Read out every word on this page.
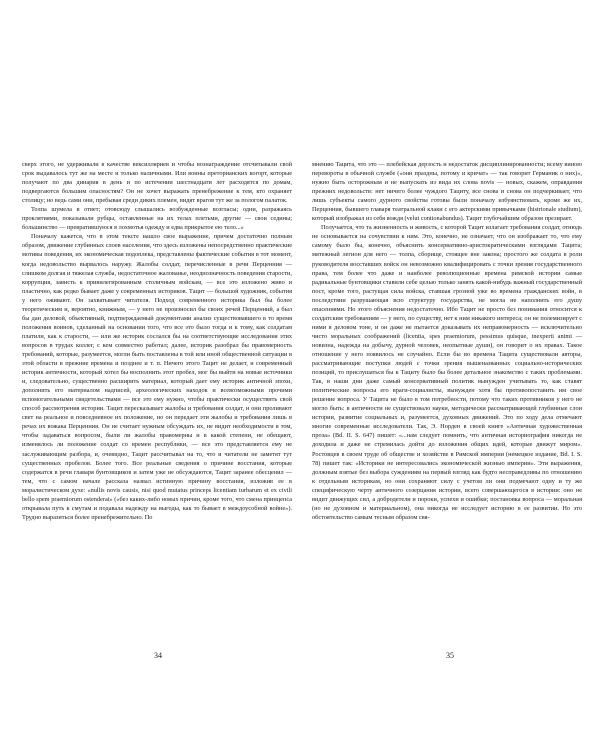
сверх этого, не удерживали в качестве вексилляриев и чтобы вознаграждение отсчитывали свой срок выдавалось тут же на месте и только наличными. Или воины преторианских когорт, которые получают по два динария в день и по истечении шестнадцати лет расходятся по домам, подвергаются большим опасностям? Он не хочет выражать пренебрежение к тем, кто охраняет столицу; но ведь сами они, пребывая среди диких племен, видят врагов тут же за пологом палаток.

Толпа шумела в ответ; отовсюду слышались возбужденные возгласы; одни, разражаясь проклятиями, показывали рубцы, оставленные на их телах плетьми, другие — свои седины; большинство — превратившуюся в лохмотья одежду и едва прикрытое ею тело...»

Поначалу кажется, что в этом тексте нашло свое выражение, причем достаточно полным образом, движение глубинных слоев населения, что здесь изложены непосредственно практические мотивы поведения, их экономическая подоплека, представлены фактические события в тот момент, когда недовольство вырвалось наружу. Жалобы солдат, перечисленные в речи Перценния — слишком долгая и тяжелая служба, недостаточное жалованье, неоднозначность поведения старости, коррупция, зависть к привилегированным столичным войскам, — все это изложено живо и пластично, как редко бывает даже у современных историков. Тацит — большой художник, события у него оживают. Он захватывает читателя. Подход современного историка был бы более теоретическим и, вероятно, книжным, — у него не произносил бы своих речей Перценний, а был бы дан деловой, объективный, подтверждаемый документами анализ существовавшего в то время положения воинов, сделанный на основании того, что все это было тогда и к тому, как солдатам платили, как к старости, — или же историк сослался бы на соответствующие исследования этих вопросов в трудах коллег, с кем совместно работал; далее, историк разобрал бы правомерность требований, которые, разумеется, могли быть поставлены в той или иной общественной ситуации в этой области в прежние времена и позднее и т. п. Ничего этого Тацит не делает, и современный историк античности, который хотел бы восполнить этот пробел, мог бы выйти на новые источники и, следовательно, существенно расширить материал, который дает ему историк античной эпохи, дополнить его материалом надписей, археологических находок и всевозможными прочими вспомогательными свидетельствами — все это ему нужно, чтобы практически осуществить свой способ рассмотрения истории. Тацит пересказывает жалобы и требования солдат, и они проливают свет на реальное и повседневное их положение, но он передает эти жалобы и требования лишь в речах их вожака Перценния. Он не считает нужным обсуждать их, не видит необходимости в том, чтобы задаваться вопросом, были ли жалобы правомерны и в какой степени, не обещают, изменялось ли положение солдат со времен республики, — все это представляется ему не заслуживающим разбора, и, очевидно, Тацит рассчитывал на то, что и читатели не заметят тут существенных пробелов. Более того. Все реальные сведения о причине восстания, которые содержатся в речи главаря бунтовщиков и затем уже не обсуждаются, Тацит заранее обесценил — тем, что с самом начале рассказа назвал истинную причину восстания, изложив ее в моралистическом духе: «nullis novis causis, nisi quod mutatus princeps licentiam turbarum et ex civili bello spem praemiorum ostenderat» («без каких-либо новых причин, кроме того, что смена принцепса открывала путь к смутам и подавала надежду на выгоды, как то бывает в междоусобной войне»). Трудно выразиться более пренебрежительно. По

34

мнению Тацита, что это — плебейская дерзость и недостаток дисциплинированности; всему виною перевороты в обычной службе («они праздны, потому и кричат» — так говорит Германик о них)», нужно быть осторожным и не выпускать из вида их слова novis — новых, скажем, оправдания прежних недовольств: нет ничего более чуждого Тациту, все снова и снова он подчеркивает, что лишь субъекты самого дурного свойства готовы были поначалу избуянствовать, кроме же их, Перценния, бывшего главаря театральной клаки с его актерскими привычками (histrionale studium), который изображал из себя вождя (velut contionabundus). Тацит глубочайшим образом презирает.

Получается, что та жизненность и живость, с которой Тацит излагает требования солдат, отнюдь не основывается на сочувствии к ним. Это, конечно, не означает, что он изображает то, что ему самому было бы, конечно, объяснить консервативно-аристократическими взглядами Тацита; мятежный легион для него — толпа, сборище, стоящее вне закона; простого же солдата в роли руководителя восставших войск он невозможно квалифицировать с точки зрения государственного права, тем более что даже и наиболее революционные времена римской истории самые радикальные бунтовщики ставили себе целью только занять какой-нибудь важный государственный пост, кроме того, растущая сила войска, ставшая грозной уже во времена гражданских войн, в последствии разрушающая всю структуру государства, не могла не наполнить его душу опасениями. Но этого объяснения недостаточно. Ибо Тацит не просто без понимания относится к солдатским требованиям — у него, по существу, нет к ним никакого интереса; он не полемизирует с ними в деловом тоне, и он даже не пытается доказывать их неправомерность — исключительно чисто моральных соображений (licentia, spes praemiorum, pessimus quisque, inexperti animi — новизна, надежда на добычу, дурной человек, неопытные души), он говорит о их правах. Такое отношение у него появилось не случайно. Если бы во времена Тацита существовали авторы, рассматривающие поступки людей с точки зрения вышеназванных социально-исторических позиций, то прислушаться бы к Тациту было бы более детальное знакомство с таких проблемами. Так, в наши дни даже самый консервативный политик вынужден учитывать то, как ставят политические вопросы его враги-социалисты, вынужден хотя бы противопоставить им свое решение вопроса. У Тацита не было в том потребности, потому что таких противников у него не могло быть: в античности не существовало науки, методически рассматривающей глубинные слои истории, развитие социальных и, разумеется, духовных движений. Это по ходу дела отмечают многие современные исследователи. Так, Э. Норден в своей книге «Античная художественная проза» (Bd. II. S. 647) пишет: «...нам следует помнить, что античная историография никогда не доходила и даже не стремилась дойти до изложения общих идей, которые движут миром». Ростовцев в своем труде об обществе и хозяйстве в Римской империи (немецкое издание, Bd. I. S. 78) пишет так: «Историки не интересовались экономической жизнью империи». Эти выражения, должным взятые без выбора суждениям на первый взгляд как будто несправедливы по отношению к отдельным историкам, но они сохраняют силу с учетом ли они подмечают одну и ту же специфическую черту античного созерцания истории, всего совершающегося в истории: оно не видит движущих сил, а добродетели и пороки, успехи и ошибки; постановка вопроса — моральная (но не духовном и материальном), она никогда не исследует историю в ее развитии. Но это обстоятельство самым тесным образом свя-

35
